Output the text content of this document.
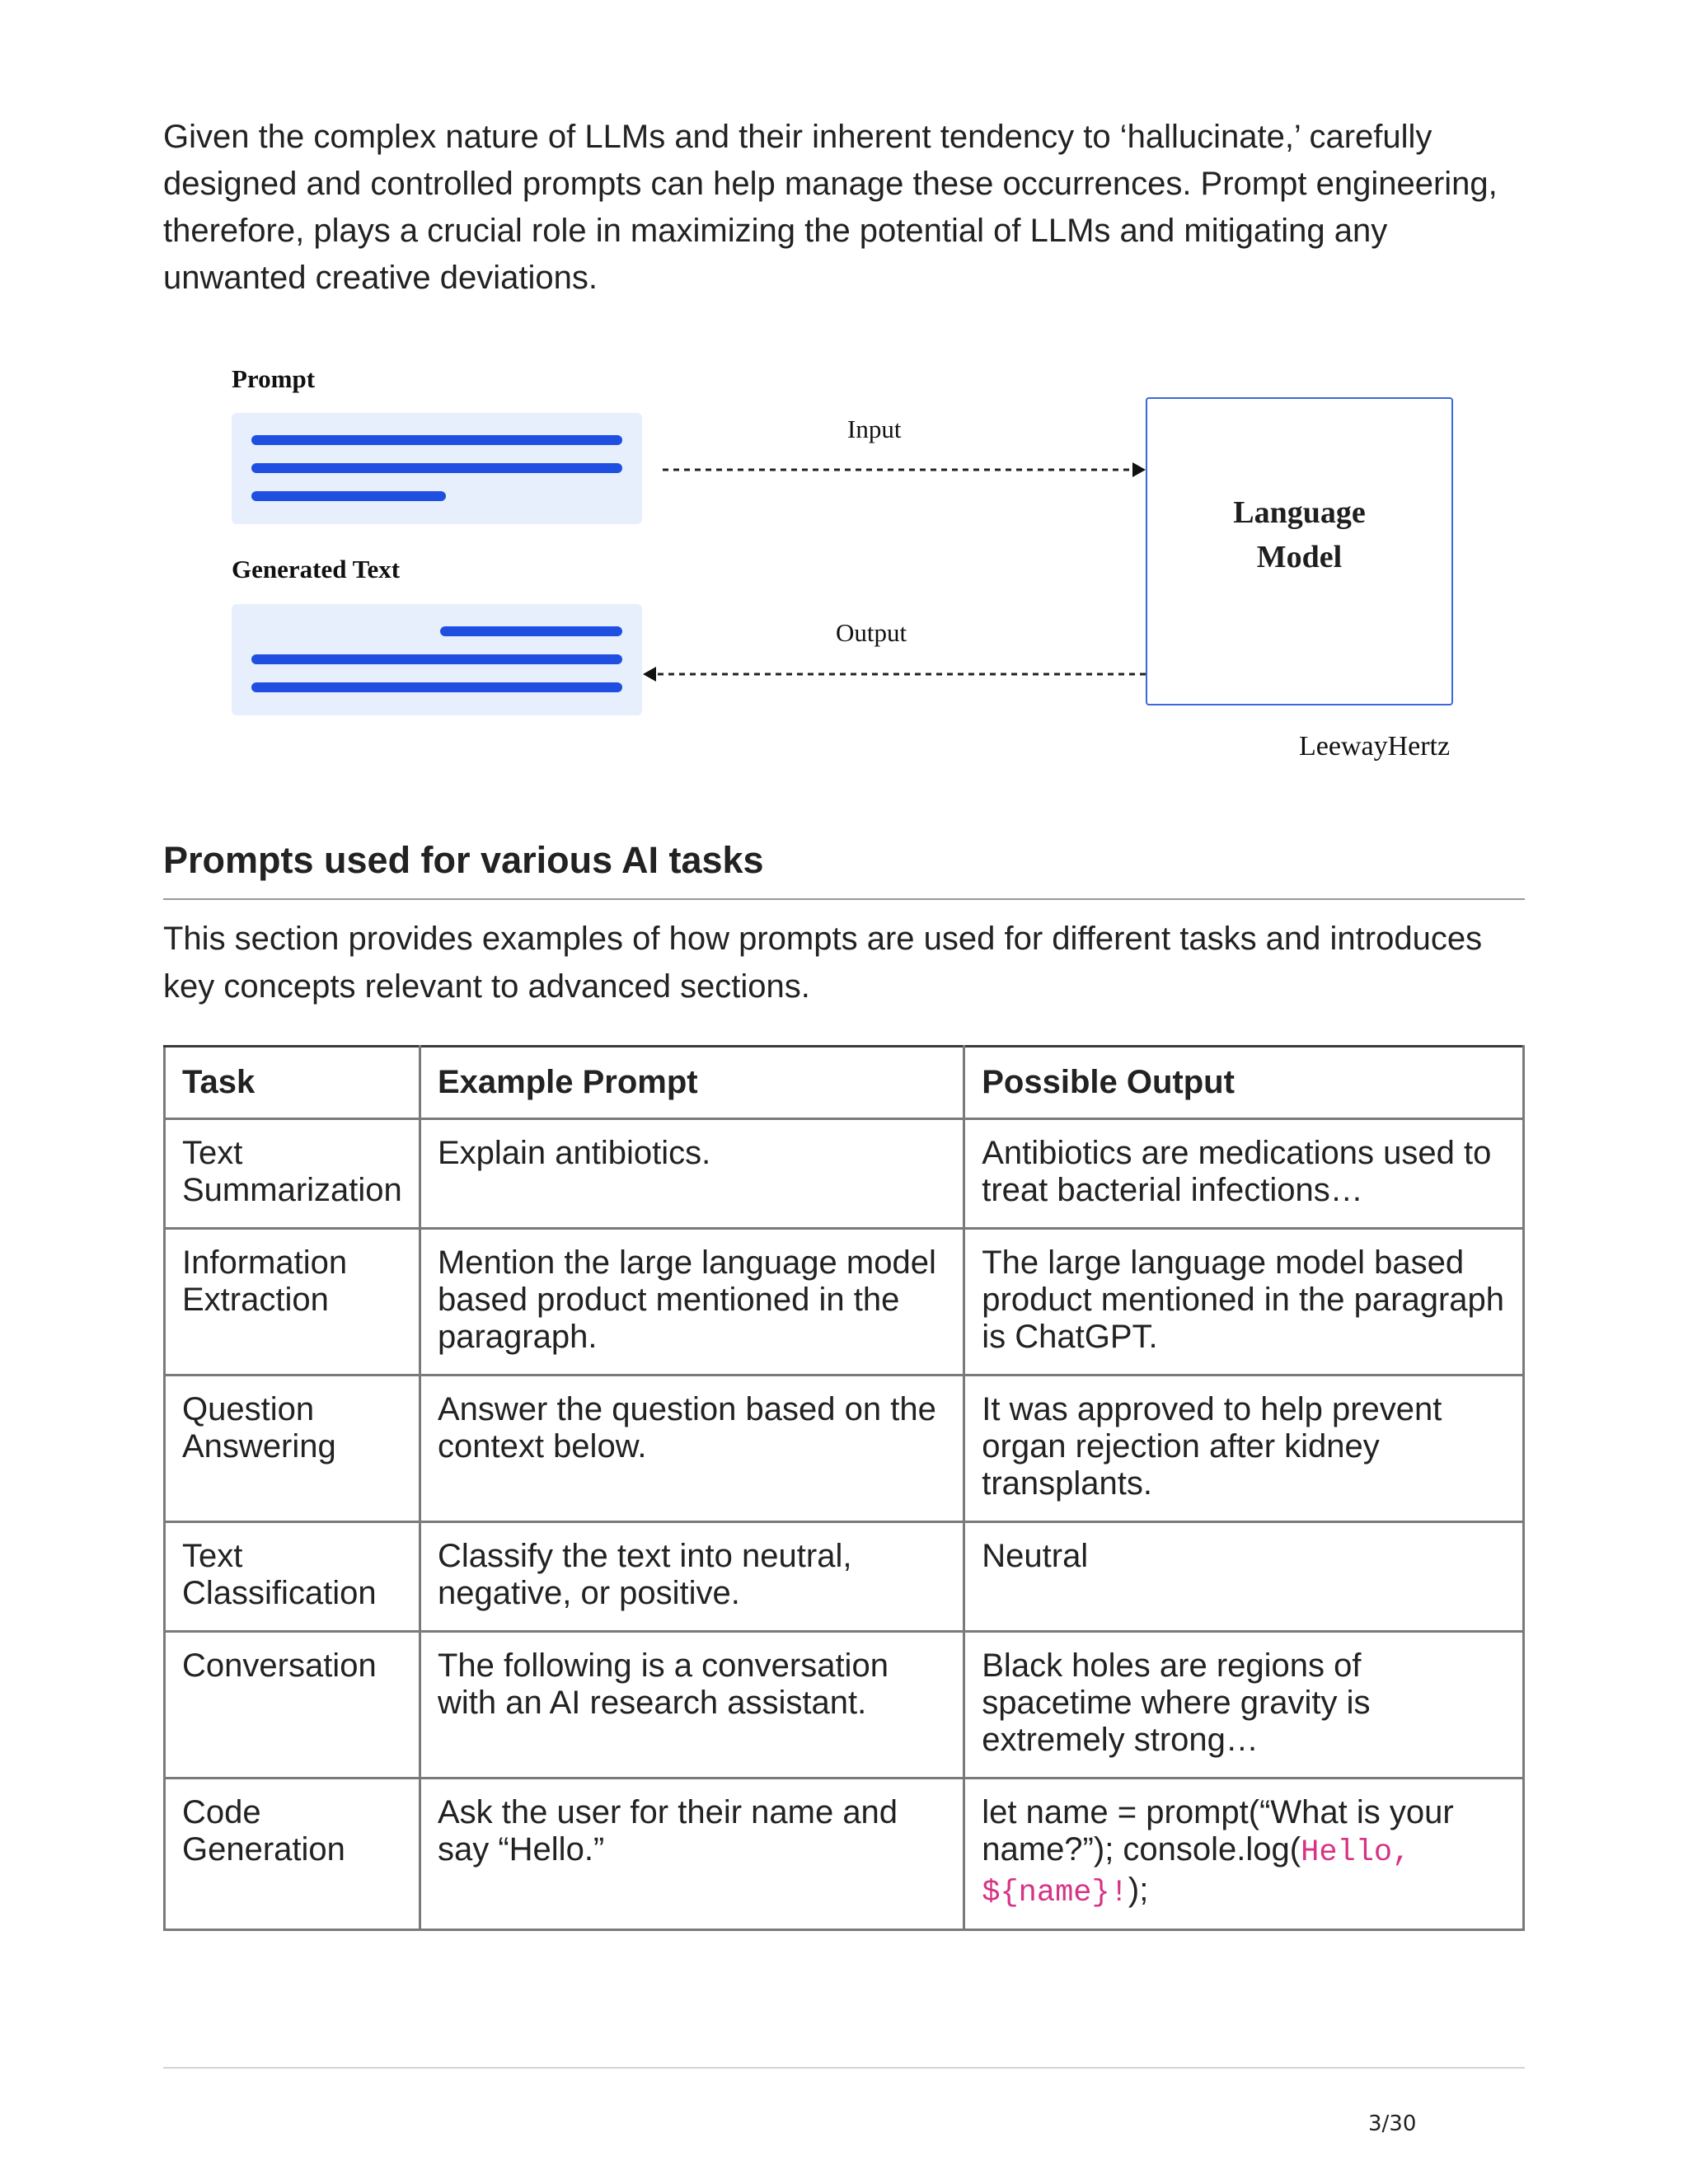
Given the complex nature of LLMs and their inherent tendency to ‘hallucinate,’ carefully designed and controlled prompts can help manage these occurrences. Prompt engineering, therefore, plays a crucial role in maximizing the potential of LLMs and mitigating any unwanted creative deviations.

Prompt

Generated Text

Input

Output

Language Model

LeewayHertz

Prompts used for various AI tasks

This section provides examples of how prompts are used for different tasks and introduces key concepts relevant to advanced sections.

Task	Example Prompt	Possible Output
Text Summarization	Explain antibiotics.	Antibiotics are medications used to treat bacterial infections…
Information Extraction	Mention the large language model based product mentioned in the paragraph.	The large language model based product mentioned in the paragraph is ChatGPT.
Question Answering	Answer the question based on the context below.	It was approved to help prevent organ rejection after kidney transplants.
Text Classification	Classify the text into neutral, negative, or positive.	Neutral
Conversation	The following is a conversation with an AI research assistant.	Black holes are regions of spacetime where gravity is extremely strong…
Code Generation	Ask the user for their name and say “Hello.”	let name = prompt(“What is your name?”); console.log(Hello, ${name}!);

3/30
